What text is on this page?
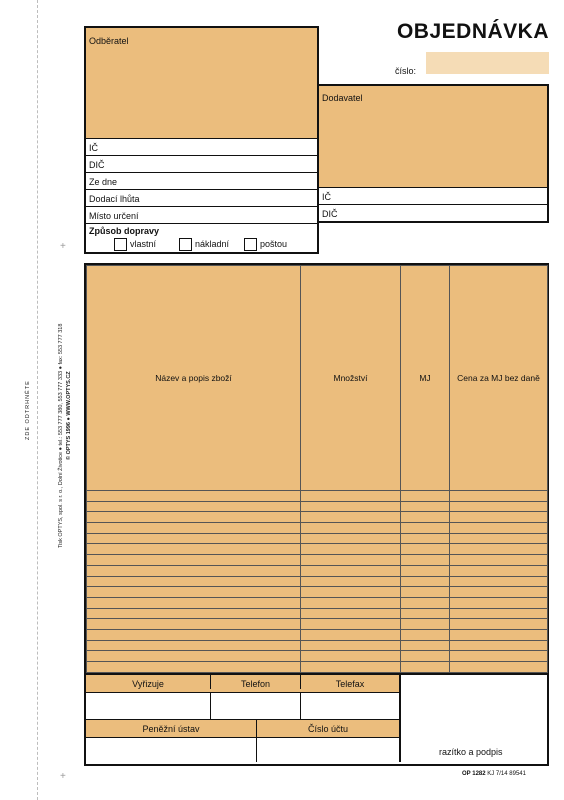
+
+
ZDE ODTRHNĚTE	Tisk OPTYS, spol. s r. o., Dolní Životice ● tel.: 553 777 380, 553 777 333 ● fax: 553 777 318 © OPTYS 1996 ● WWW.OPTYS.CZ
OBJEDNÁVKA
číslo:
Odběratel
IČ
DIČ
Ze dne
Dodací lhůta
Místo určení
Způsob dopravy
vlastní	nákladní	poštou
Dodavatel
IČ
DIČ
Název a popis zboží	Množství	MJ	Cena za MJ bez daně

razítko a podpis
Vyřizuje	Telefon	Telefax
Peněžní ústav	Číslo účtu
OP 1282 KJ 7/14 89541
